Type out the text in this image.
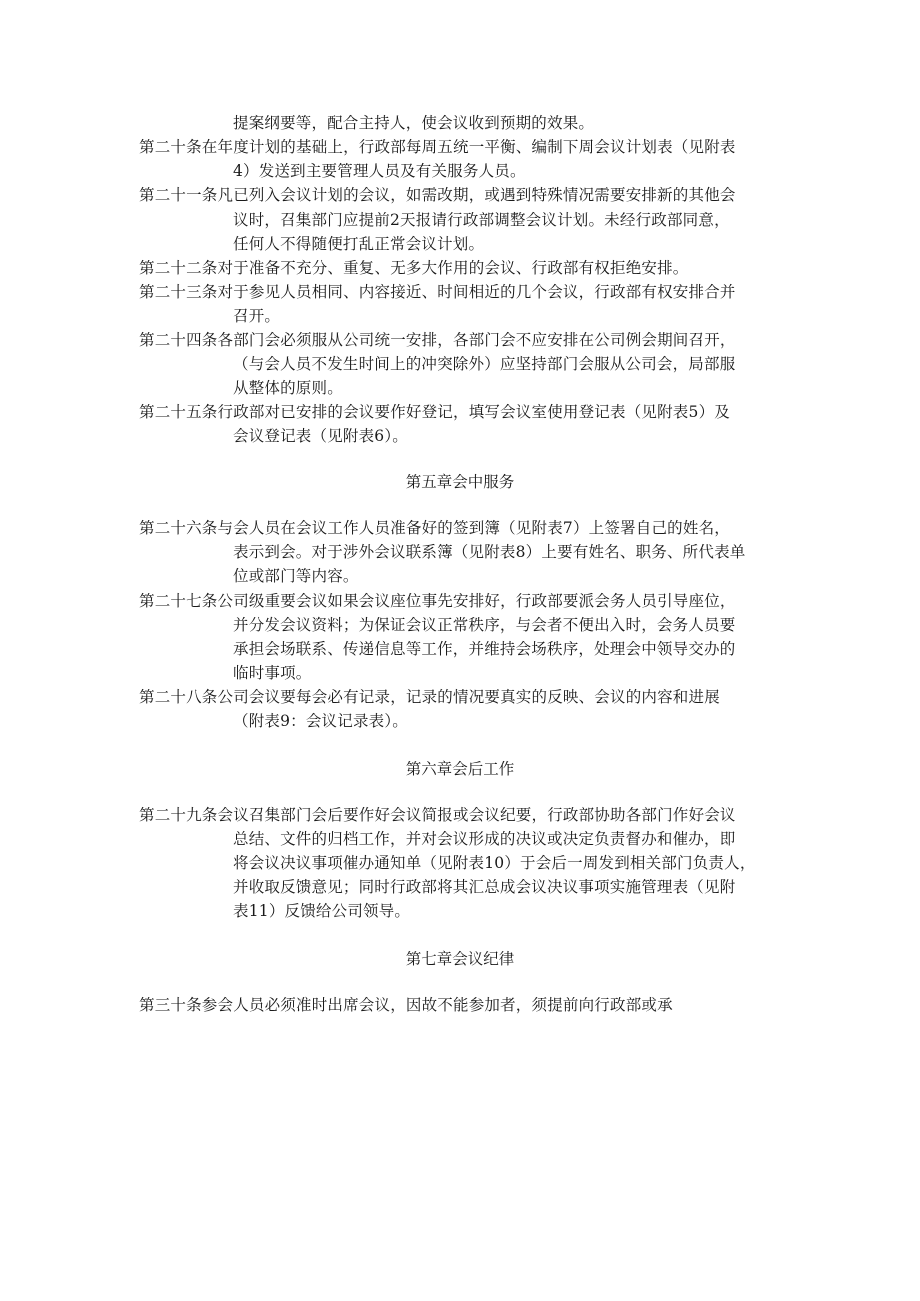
提案纲要等，配合主持人，使会议收到预期的效果。
第二十条在年度计划的基础上，行政部每周五统一平衡、编制下周会议计划表（见附表
4）发送到主要管理人员及有关服务人员。
第二十一条凡已列入会议计划的会议，如需改期，或遇到特殊情况需要安排新的其他会
议时，召集部门应提前2天报请行政部调整会议计划。未经行政部同意，
任何人不得随便打乱正常会议计划。
第二十二条对于准备不充分、重复、无多大作用的会议、行政部有权拒绝安排。
第二十三条对于参见人员相同、内容接近、时间相近的几个会议，行政部有权安排合并
召开。
第二十四条各部门会必须服从公司统一安排，各部门会不应安排在公司例会期间召开，
（与会人员不发生时间上的冲突除外）应坚持部门会服从公司会，局部服
从整体的原则。
第二十五条行政部对已安排的会议要作好登记，填写会议室使用登记表（见附表5）及
会议登记表（见附表6）。
第五章会中服务
第二十六条与会人员在会议工作人员准备好的签到簿（见附表7）上签署自己的姓名，
表示到会。对于涉外会议联系簿（见附表8）上要有姓名、职务、所代表单
位或部门等内容。
第二十七条公司级重要会议如果会议座位事先安排好，行政部要派会务人员引导座位，
并分发会议资料；为保证会议正常秩序，与会者不便出入时，会务人员要
承担会场联系、传递信息等工作，并维持会场秩序，处理会中领导交办的
临时事项。
第二十八条公司会议要每会必有记录，记录的情况要真实的反映、会议的内容和进展
（附表9：会议记录表）。
第六章会后工作
第二十九条会议召集部门会后要作好会议简报或会议纪要，行政部协助各部门作好会议
总结、文件的归档工作，并对会议形成的决议或决定负责督办和催办，即
将会议决议事项催办通知单（见附表10）于会后一周发到相关部门负责人，
并收取反馈意见；同时行政部将其汇总成会议决议事项实施管理表（见附
表11）反馈给公司领导。
第七章会议纪律
第三十条参会人员必须准时出席会议，因故不能参加者，须提前向行政部或承
